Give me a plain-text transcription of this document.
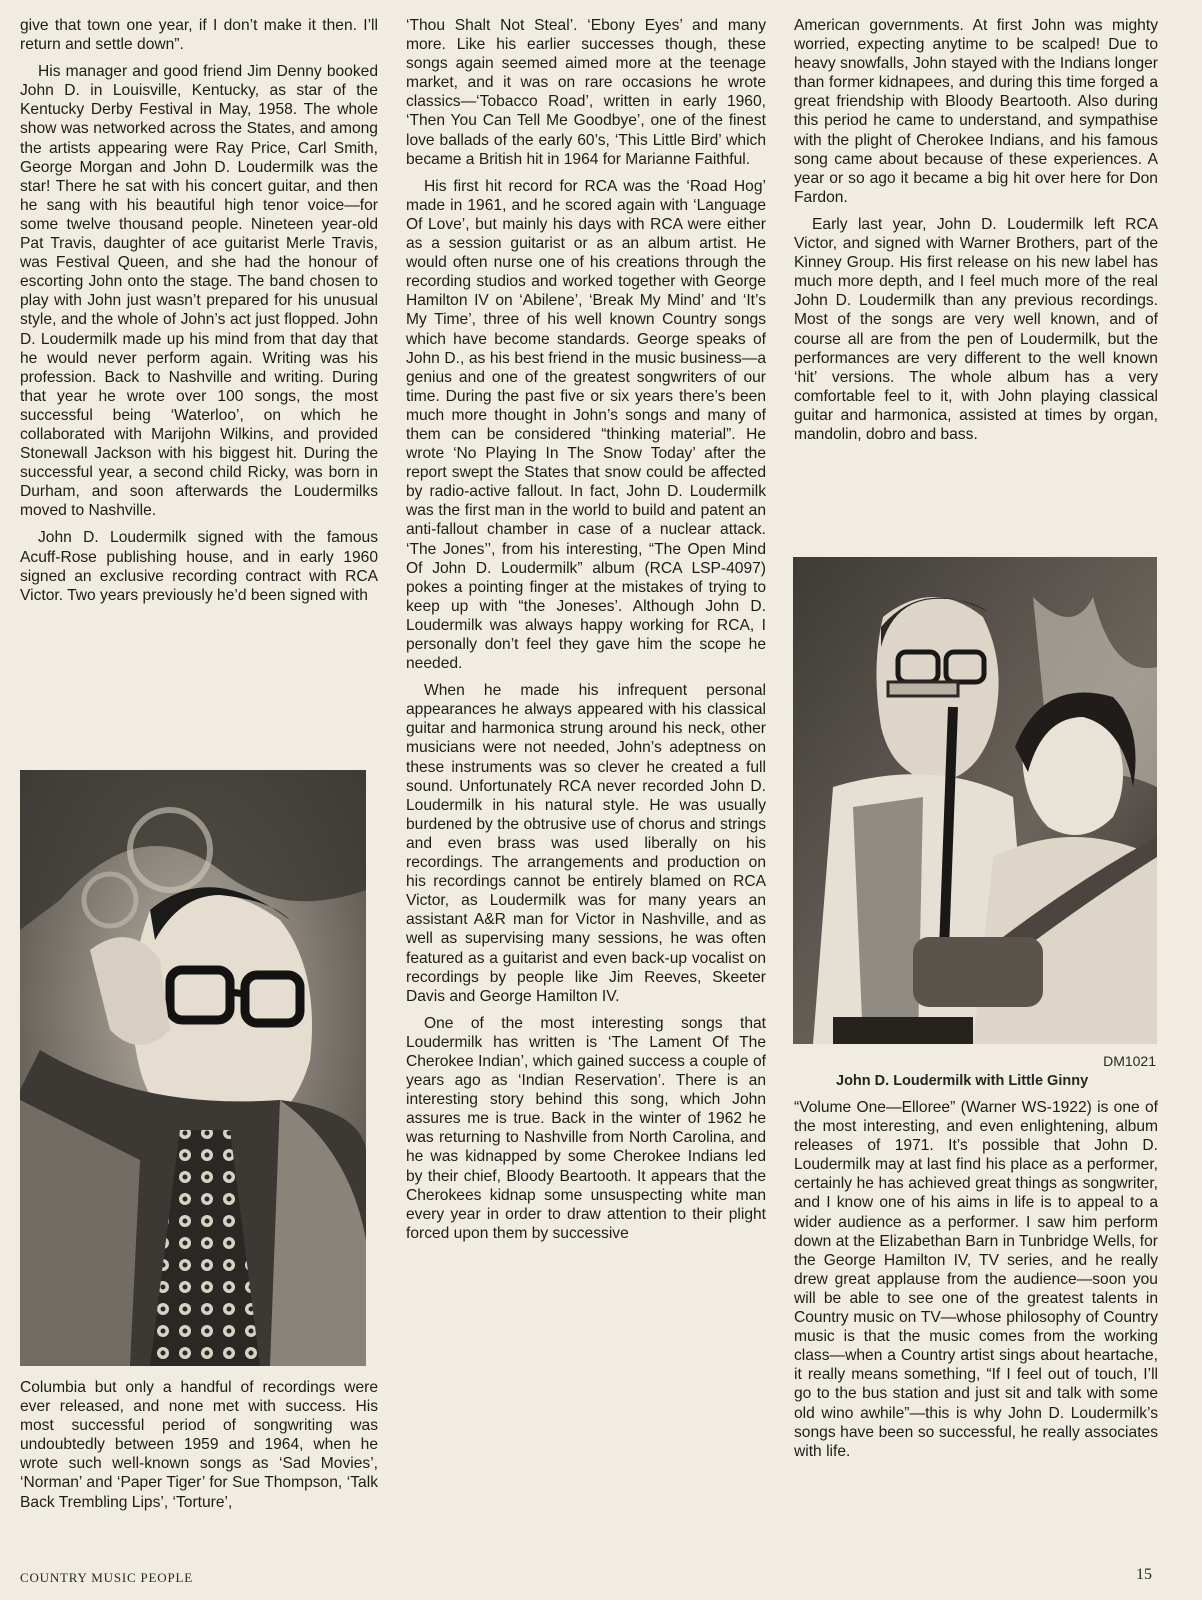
give that town one year, if I don’t make it then. I’ll return and settle down”.

His manager and good friend Jim Denny booked John D. in Louisville, Kentucky, as star of the Kentucky Derby Festival in May, 1958. The whole show was networked across the States, and among the artists appearing were Ray Price, Carl Smith, George Morgan and John D. Loudermilk was the star! There he sat with his concert guitar, and then he sang with his beautiful high tenor voice—for some twelve thousand people. Nineteen year-old Pat Travis, daughter of ace guitarist Merle Travis, was Festival Queen, and she had the honour of escorting John onto the stage. The band chosen to play with John just wasn’t prepared for his unusual style, and the whole of John’s act just flopped. John D. Loudermilk made up his mind from that day that he would never perform again. Writing was his profession. Back to Nashville and writing. During that year he wrote over 100 songs, the most successful being ‘Waterloo’, on which he collaborated with Marijohn Wilkins, and provided Stonewall Jackson with his biggest hit. During the successful year, a second child Ricky, was born in Durham, and soon afterwards the Loudermilks moved to Nashville.

John D. Loudermilk signed with the famous Acuff-Rose publishing house, and in early 1960 signed an exclusive recording contract with RCA Victor. Two years previously he’d been signed with

Columbia but only a handful of recordings were ever released, and none met with success. His most successful period of songwriting was undoubtedly between 1959 and 1964, when he wrote such well-known songs as ‘Sad Movies’, ‘Norman’ and ‘Paper Tiger’ for Sue Thompson, ‘Talk Back Trembling Lips’, ‘Torture’,

‘Thou Shalt Not Steal’. ‘Ebony Eyes’ and many more. Like his earlier successes though, these songs again seemed aimed more at the teenage market, and it was on rare occasions he wrote classics—‘Tobacco Road’, written in early 1960, ‘Then You Can Tell Me Goodbye’, one of the finest love ballads of the early 60’s, ‘This Little Bird’ which became a British hit in 1964 for Marianne Faithful.

His first hit record for RCA was the ‘Road Hog’ made in 1961, and he scored again with ‘Language Of Love’, but mainly his days with RCA were either as a session guitarist or as an album artist. He would often nurse one of his creations through the recording studios and worked together with George Hamilton IV on ‘Abilene’, ‘Break My Mind’ and ‘It’s My Time’, three of his well known Country songs which have become standards. George speaks of John D., as his best friend in the music business—a genius and one of the greatest songwriters of our time. During the past five or six years there’s been much more thought in John’s songs and many of them can be considered “thinking material”. He wrote ‘No Playing In The Snow Today’ after the report swept the States that snow could be affected by radio-active fallout. In fact, John D. Loudermilk was the first man in the world to build and patent an anti-fallout chamber in case of a nuclear attack. ‘The Jones’’, from his interesting, “The Open Mind Of John D. Loudermilk” album (RCA LSP-4097) pokes a pointing finger at the mistakes of trying to keep up with “the Joneses’. Although John D. Loudermilk was always happy working for RCA, I personally don’t feel they gave him the scope he needed.

When he made his infrequent personal appearances he always appeared with his classical guitar and harmonica strung around his neck, other musicians were not needed, John’s adeptness on these instruments was so clever he created a full sound. Unfortunately RCA never recorded John D. Loudermilk in his natural style. He was usually burdened by the obtrusive use of chorus and strings and even brass was used liberally on his recordings. The arrangements and production on his recordings cannot be entirely blamed on RCA Victor, as Loudermilk was for many years an assistant A&R man for Victor in Nashville, and as well as supervising many sessions, he was often featured as a guitarist and even back-up vocalist on recordings by people like Jim Reeves, Skeeter Davis and George Hamilton IV.

One of the most interesting songs that Loudermilk has written is ‘The Lament Of The Cherokee Indian’, which gained success a couple of years ago as ‘Indian Reservation’. There is an interesting story behind this song, which John assures me is true. Back in the winter of 1962 he was returning to Nashville from North Carolina, and he was kidnapped by some Cherokee Indians led by their chief, Bloody Beartooth. It appears that the Cherokees kidnap some unsuspecting white man every year in order to draw attention to their plight forced upon them by successive

American governments. At first John was mighty worried, expecting anytime to be scalped! Due to heavy snowfalls, John stayed with the Indians longer than former kidnapees, and during this time forged a great friendship with Bloody Beartooth. Also during this period he came to understand, and sympathise with the plight of Cherokee Indians, and his famous song came about because of these experiences. A year or so ago it became a big hit over here for Don Fardon.

Early last year, John D. Loudermilk left RCA Victor, and signed with Warner Brothers, part of the Kinney Group. His first release on his new label has much more depth, and I feel much more of the real John D. Loudermilk than any previous recordings. Most of the songs are very well known, and of course all are from the pen of Loudermilk, but the performances are very different to the well known ‘hit’ versions. The whole album has a very comfortable feel to it, with John playing classical guitar and harmonica, assisted at times by organ, mandolin, dobro and bass.

DM1021
John D. Loudermilk with Little Ginny

“Volume One—Elloree” (Warner WS-1922) is one of the most interesting, and even enlightening, album releases of 1971. It’s possible that John D. Loudermilk may at last find his place as a performer, certainly he has achieved great things as songwriter, and I know one of his aims in life is to appeal to a wider audience as a performer. I saw him perform down at the Elizabethan Barn in Tunbridge Wells, for the George Hamilton IV, TV series, and he really drew great applause from the audience—soon you will be able to see one of the greatest talents in Country music on TV—whose philosophy of Country music is that the music comes from the working class—when a Country artist sings about heartache, it really means something, “If I feel out of touch, I’ll go to the bus station and just sit and talk with some old wino awhile”—this is why John D. Loudermilk’s songs have been so successful, he really associates with life.

COUNTRY MUSIC PEOPLE	15
